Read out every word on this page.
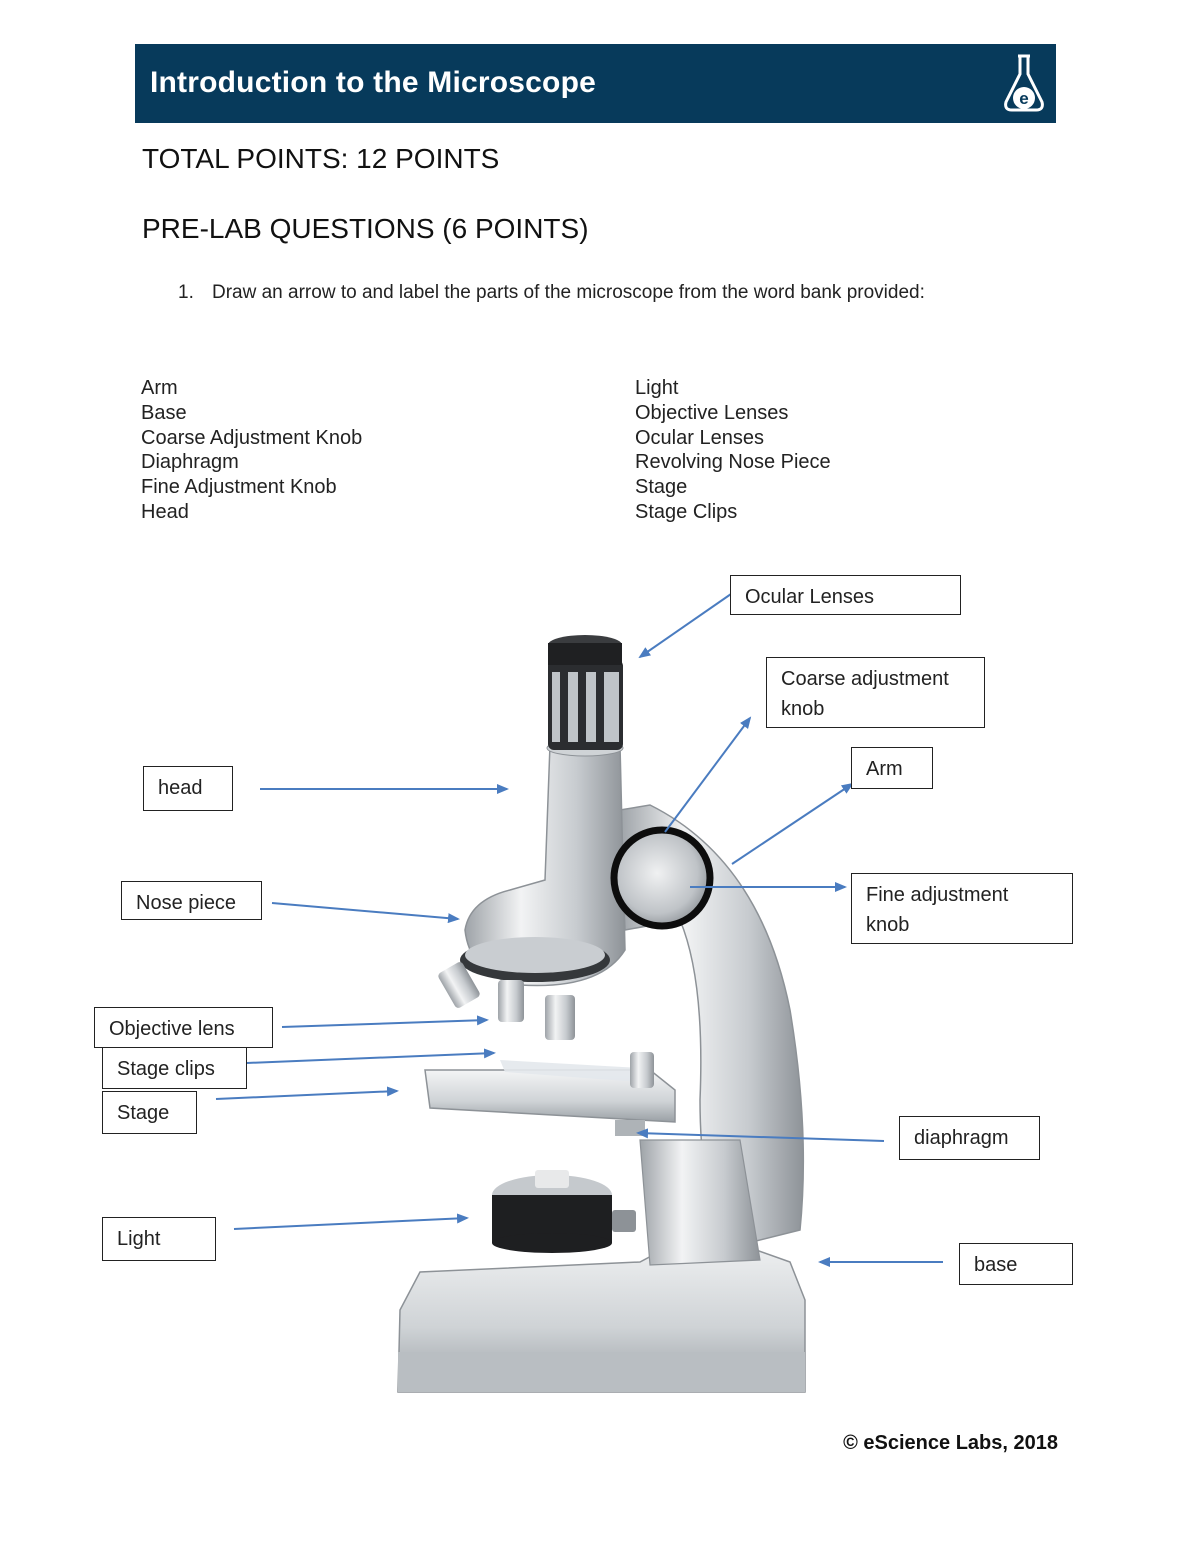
Introduction to the Microscope	e
TOTAL POINTS: 12 POINTS
PRE-LAB QUESTIONS (6 POINTS)
1. Draw an arrow to and label the parts of the microscope from the word bank provided:
Arm
Base
Coarse Adjustment Knob
Diaphragm
Fine Adjustment Knob
Head
Light
Objective Lenses
Ocular Lenses
Revolving Nose Piece
Stage
Stage Clips
Ocular Lenses
Coarse adjustment
knob
Arm
head
Nose piece	Fine adjustment
knob
Objective lens
Stage clips
Stage
diaphragm
Light
base
© eScience Labs, 2018
